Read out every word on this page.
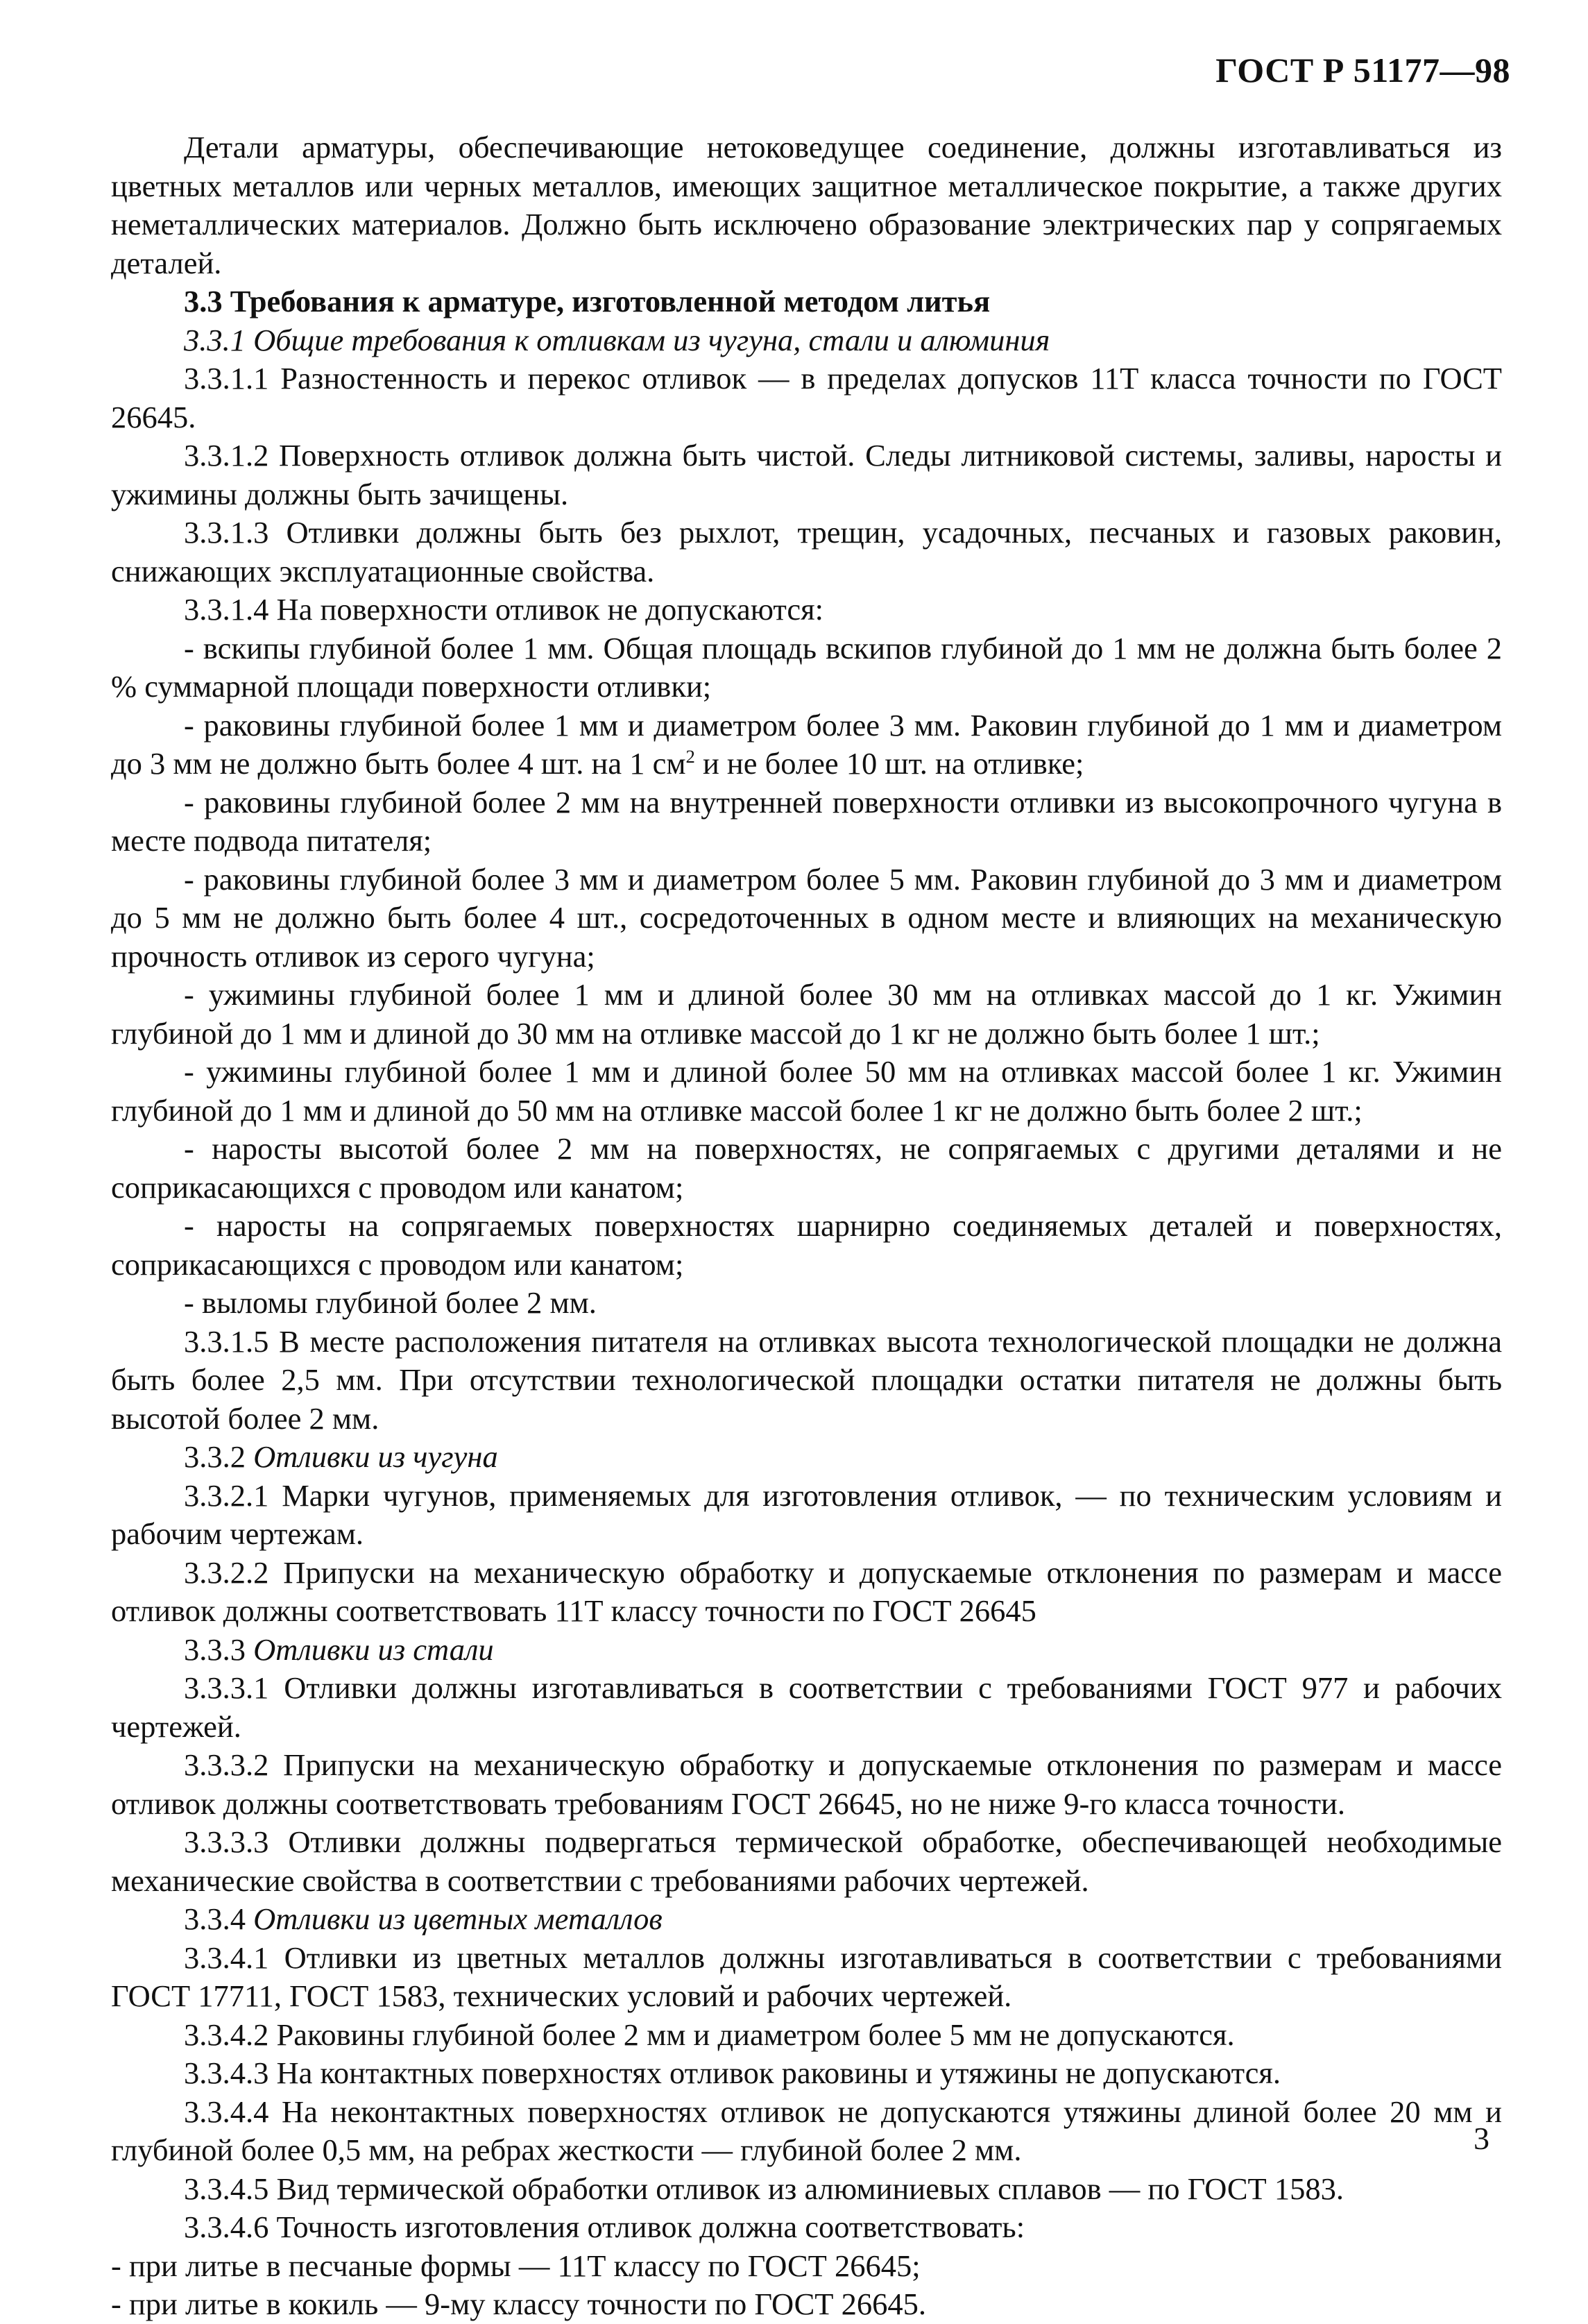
ГОСТ Р 51177—98

Детали арматуры, обеспечивающие нетоковедущее соединение, должны изготавливаться из цветных металлов или черных металлов, имеющих защитное металлическое покрытие, а также других неметаллических материалов. Должно быть исключено образование электрических пар у сопрягаемых деталей.

3.3 Требования к арматуре, изготовленной методом литья

3.3.1 Общие требования к отливкам из чугуна, стали и алюминия

3.3.1.1 Разностенность и перекос отливок — в пределах допусков 11Т класса точности по ГОСТ 26645.

3.3.1.2 Поверхность отливок должна быть чистой. Следы литниковой системы, заливы, наросты и ужимины должны быть зачищены.

3.3.1.3 Отливки должны быть без рыхлот, трещин, усадочных, песчаных и газовых раковин, снижающих эксплуатационные свойства.

3.3.1.4 На поверхности отливок не допускаются:

- вскипы глубиной более 1 мм. Общая площадь вскипов глубиной до 1 мм не должна быть более 2 % суммарной площади поверхности отливки;

- раковины глубиной более 1 мм и диаметром более 3 мм. Раковин глубиной до 1 мм и диаметром до 3 мм не должно быть более 4 шт. на 1 $см^2$ и не более 10 шт. на отливке;

- раковины глубиной более 2 мм на внутренней поверхности отливки из высокопрочного чугуна в месте подвода питателя;

- раковины глубиной более 3 мм и диаметром более 5 мм. Раковин глубиной до 3 мм и диаметром до 5 мм не должно быть более 4 шт., сосредоточенных в одном месте и влияющих на механическую прочность отливок из серого чугуна;

- ужимины глубиной более 1 мм и длиной более 30 мм на отливках массой до 1 кг. Ужимин глубиной до 1 мм и длиной до 30 мм на отливке массой до 1 кг не должно быть более 1 шт.;

- ужимины глубиной более 1 мм и длиной более 50 мм на отливках массой более 1 кг. Ужимин глубиной до 1 мм и длиной до 50 мм на отливке массой более 1 кг не должно быть более 2 шт.;

- наросты высотой более 2 мм на поверхностях, не сопрягаемых с другими деталями и не соприкасающихся с проводом или канатом;

- наросты на сопрягаемых поверхностях шарнирно соединяемых деталей и поверхностях, соприкасающихся с проводом или канатом;

- выломы глубиной более 2 мм.

3.3.1.5 В месте расположения питателя на отливках высота технологической площадки не должна быть более 2,5 мм. При отсутствии технологической площадки остатки питателя не должны быть высотой более 2 мм.

3.3.2 Отливки из чугуна

3.3.2.1 Марки чугунов, применяемых для изготовления отливок, — по техническим условиям и рабочим чертежам.

3.3.2.2 Припуски на механическую обработку и допускаемые отклонения по размерам и массе отливок должны соответствовать 11Т классу точности по ГОСТ 26645

3.3.3 Отливки из стали

3.3.3.1 Отливки должны изготавливаться в соответствии с требованиями ГОСТ 977 и рабочих чертежей.

3.3.3.2 Припуски на механическую обработку и допускаемые отклонения по размерам и массе отливок должны соответствовать требованиям ГОСТ 26645, но не ниже 9-го класса точности.

3.3.3.3 Отливки должны подвергаться термической обработке, обеспечивающей необходимые механические свойства в соответствии с требованиями рабочих чертежей.

3.3.4 Отливки из цветных металлов

3.3.4.1 Отливки из цветных металлов должны изготавливаться в соответствии с требованиями ГОСТ 17711, ГОСТ 1583, технических условий и рабочих чертежей.

3.3.4.2 Раковины глубиной более 2 мм и диаметром более 5 мм не допускаются.

3.3.4.3 На контактных поверхностях отливок раковины и утяжины не допускаются.

3.3.4.4 На неконтактных поверхностях отливок не допускаются утяжины длиной более 20 мм и глубиной более 0,5 мм, на ребрах жесткости — глубиной более 2 мм.

3.3.4.5 Вид термической обработки отливок из алюминиевых сплавов — по ГОСТ 1583.

3.3.4.6 Точность изготовления отливок должна соответствовать:

- при литье в песчаные формы — 11Т классу по ГОСТ 26645;

- при литье в кокиль — 9-му классу точности по ГОСТ 26645.

3
